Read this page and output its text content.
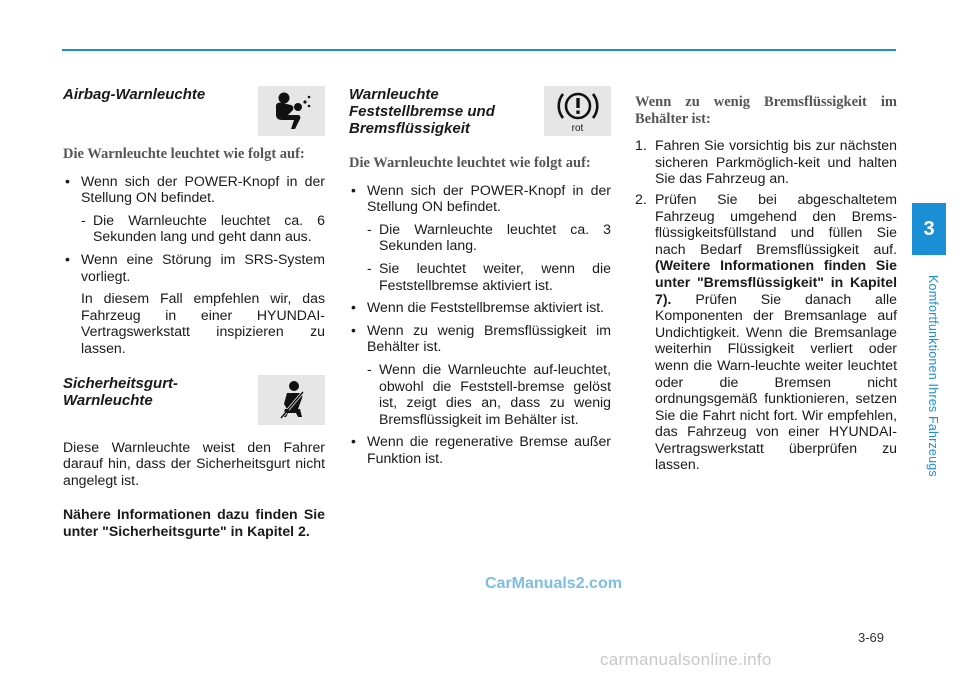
3
Komfortfunktionen Ihres Fahrzeugs
Airbag-Warnleuchte

Die Warnleuchte leuchtet wie folgt auf:

• Wenn sich der POWER-Knopf in der Stellung ON befindet.
- Die Warnleuchte leuchtet ca. 6 Sekunden lang und geht dann aus.
• Wenn eine Störung im SRS-System vorliegt.
In diesem Fall empfehlen wir, das Fahrzeug in einer HYUNDAI-Vertragswerkstatt inspizieren zu lassen.
Sicherheitsgurt-Warnleuchte

Diese Warnleuchte weist den Fahrer darauf hin, dass der Sicherheitsgurt nicht angelegt ist.

Nähere Informationen dazu finden Sie unter "Sicherheitsgurte" in Kapitel 2.

Warnleuchte Feststellbremse und Bremsflüssigkeit	rot

Die Warnleuchte leuchtet wie folgt auf:

• Wenn sich der POWER-Knopf in der Stellung ON befindet.
- Die Warnleuchte leuchtet ca. 3 Sekunden lang.
- Sie leuchtet weiter, wenn die Feststellbremse aktiviert ist.
• Wenn die Feststellbremse aktiviert ist.
• Wenn zu wenig Bremsflüssigkeit im Behälter ist.
- Wenn die Warnleuchte auf-leuchtet, obwohl die Feststell-bremse gelöst ist, zeigt dies an, dass zu wenig Bremsflüssigkeit im Behälter ist.
• Wenn die regenerative Bremse außer Funktion ist.

Wenn zu wenig Bremsflüssigkeit im Behälter ist:

1. Fahren Sie vorsichtig bis zur nächsten sicheren Parkmöglich-keit und halten Sie das Fahrzeug an.
2. Prüfen Sie bei abgeschaltetem Fahrzeug umgehend den Brems-flüssigkeitsfüllstand und füllen Sie nach Bedarf Bremsflüssigkeit auf. (Weitere Informationen finden Sie unter "Bremsflüssigkeit" in Kapitel 7). Prüfen Sie danach alle Komponenten der Bremsanlage auf Undichtigkeit. Wenn die Bremsanlage weiterhin Flüssigkeit verliert oder wenn die Warn-leuchte weiter leuchtet oder die Bremsen nicht ordnungsgemäß funktionieren, setzen Sie die Fahrt nicht fort. Wir empfehlen, das Fahrzeug von einer HYUNDAI-Vertragswerkstatt überprüfen zu lassen.
CarManuals2.com
3-69
carmanualsonline.info
